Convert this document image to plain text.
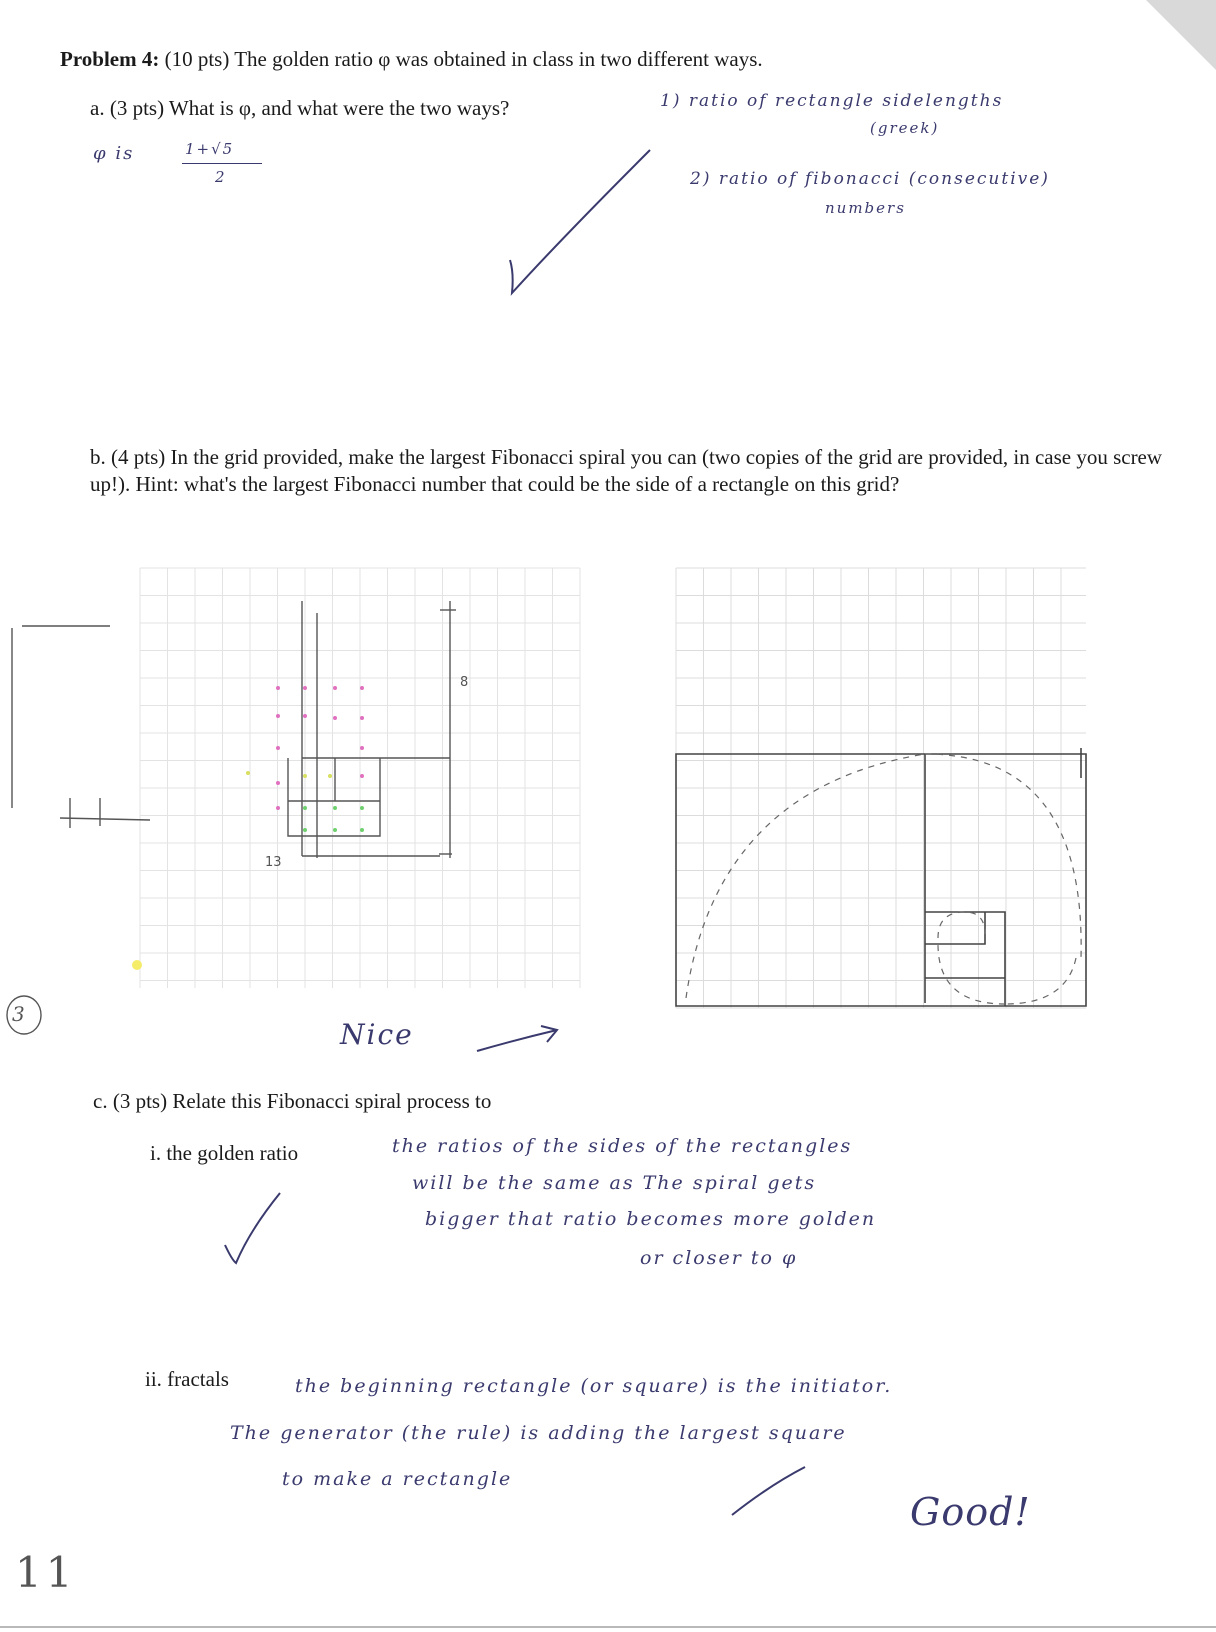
Problem 4: (10 pts) The golden ratio φ was obtained in class in two different ways.
a. (3 pts) What is φ, and what were the two ways?
φ is	1+√5
2
1) ratio of rectangle sidelengths
(greek)
2) ratio of fibonacci (consecutive)
numbers
b. (4 pts) In the grid provided, make the largest Fibonacci spiral you can (two copies of the grid are provided, in case you screw up!). Hint: what's the largest Fibonacci number that could be the side of a rectangle on this grid?
8
13
3
Nice
c. (3 pts) Relate this Fibonacci spiral process to
i. the golden ratio	the ratios of the sides of the rectangles
will be the same as The spiral gets
bigger that ratio becomes more golden
or closer to φ
ii. fractals	the beginning rectangle (or square) is the initiator.
The generator (the rule) is adding the largest square
to make a rectangle
Good!
11
